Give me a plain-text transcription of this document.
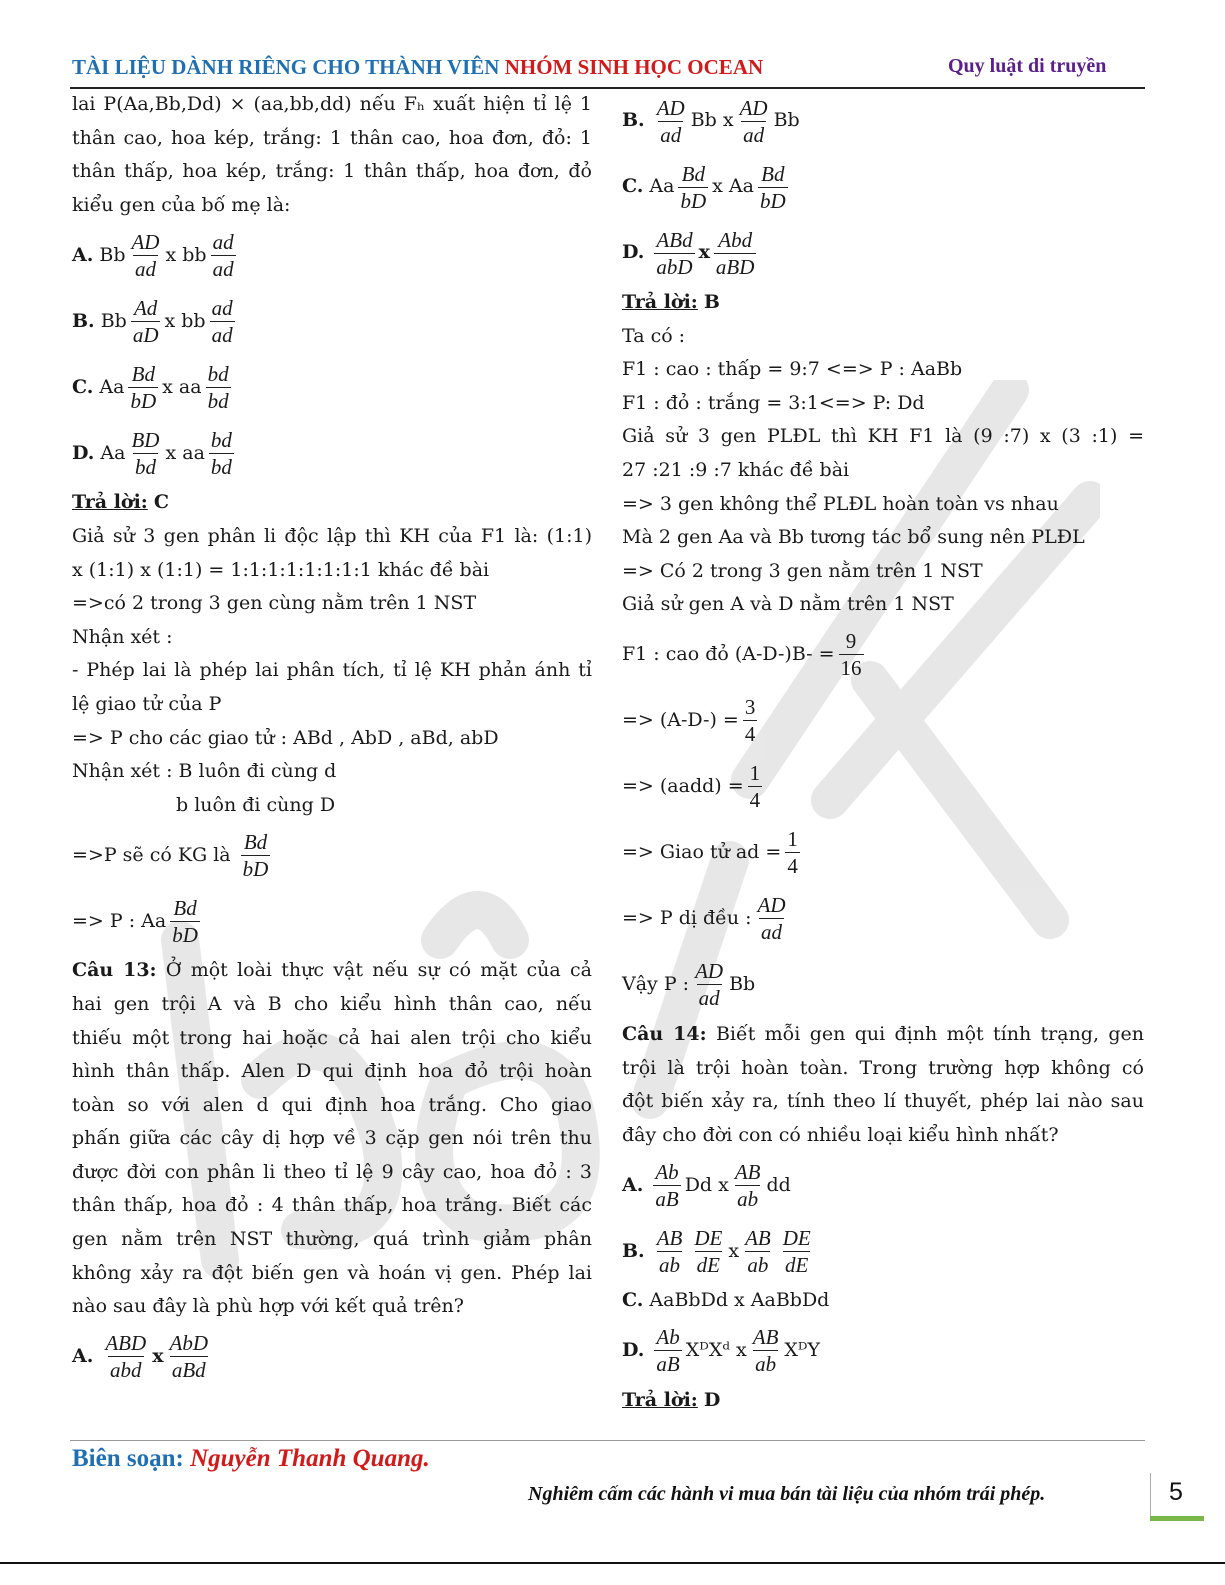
TÀI LIỆU DÀNH RIÊNG CHO THÀNH VIÊN NHÓM SINH HỌC OCEAN	Quy luật di truyền
lai P(Aa,Bb,Dd) × (aa,bb,dd) nếu Fₕ xuất hiện tỉ lệ 1
thân cao, hoa kép, trắng: 1 thân cao, hoa đơn, đỏ: 1
thân thấp, hoa kép, trắng: 1 thân thấp, hoa đơn, đỏ
kiểu gen của bố mẹ là:
A. Bb $\frac{AD}{ad}$ x bb $\frac{ad}{ad}$
B. Bb $\frac{Ad}{aD}$ x bb $\frac{ad}{ad}$
C. Aa $\frac{Bd}{bD}$ x aa $\frac{bd}{bd}$
D. Aa $\frac{BD}{bd}$ x aa $\frac{bd}{bd}$
Trả lời: C
Giả sử 3 gen phân li độc lập thì KH của F1 là: (1:1)
x (1:1) x (1:1) = 1:1:1:1:1:1:1:1 khác đề bài
=>có 2 trong 3 gen cùng nằm trên 1 NST
Nhận xét :
- Phép lai là phép lai phân tích, tỉ lệ KH phản ánh tỉ
lệ giao tử của P
=> P cho các giao tử : ABd , AbD , aBd, abD
Nhận xét : B luôn đi cùng d
b luôn đi cùng D
=>P sẽ có KG là $\frac{Bd}{bD}$
=> P : Aa $\frac{Bd}{bD}$
Câu 13: Ở một loài thực vật nếu sự có mặt của cả
hai gen trội A và B cho kiểu hình thân cao, nếu
thiếu một trong hai hoặc cả hai alen trội cho kiểu
hình thân thấp. Alen D qui định hoa đỏ trội hoàn
toàn so với alen d qui định hoa trắng. Cho giao
phấn giữa các cây dị hợp về 3 cặp gen nói trên thu
được đời con phân li theo tỉ lệ 9 cây cao, hoa đỏ : 3
thân thấp, hoa đỏ : 4 thân thấp, hoa trắng. Biết các
gen nằm trên NST thường, quá trình giảm phân
không xảy ra đột biến gen và hoán vị gen. Phép lai
nào sau đây là phù hợp với kết quả trên?
A. $\frac{\text{ABD}}{\text{abd}}$ x $\frac{\text{AbD}}{\text{aBd}}$
B. $\frac{AD}{ad}$ Bb x $\frac{AD}{ad}$ Bb
C. Aa $\frac{Bd}{bD}$ x Aa $\frac{Bd}{bD}$
D. $\frac{\text{ABd}}{\text{abD}}$ x $\frac{\text{Abd}}{\text{aBD}}$
Trả lời: B
Ta có :
F1 : cao : thấp = 9:7 <=> P : AaBb
F1 : đỏ : trắng = 3:1<=> P: Dd
Giả sử 3 gen PLĐL thì KH F1 là (9 :7) x (3 :1) =
27 :21 :9 :7 khác đề bài
=> 3 gen không thể PLĐL hoàn toàn vs nhau
Mà 2 gen Aa và Bb tương tác bổ sung nên PLĐL
=> Có 2 trong 3 gen nằm trên 1 NST
Giả sử gen A và D nằm trên 1 NST
F1 : cao đỏ $(A-D-)B- = \frac{9}{16}$
=> $(A-D-) = \frac{3}{4}$
=> (aadd) = $\frac{1}{4}$
=> Giao tử ad = $\frac{1}{4}$
=> P dị đều : $\frac{AD}{ad}$
Vậy P : $\frac{AD}{ad}$ Bb
Câu 14: Biết mỗi gen qui định một tính trạng, gen
trội là trội hoàn toàn. Trong trường hợp không có
đột biến xảy ra, tính theo lí thuyết, phép lai nào sau
đây cho đời con có nhiều loại kiểu hình nhất?
A. $\frac{Ab}{aB}$ Dd x $\frac{AB}{ab}$ dd
B. $\frac{AB}{ab} \frac{DE}{dE}$ x $\frac{AB}{ab} \frac{DE}{dE}$
C. AaBbDd x AaBbDd
D. $\frac{Ab}{aB}$ XᴰXᵈ x $\frac{AB}{ab}$ XᴰY
Trả lời: D
Biên soạn: Nguyễn Thanh Quang.
Nghiêm cấm các hành vi mua bán tài liệu của nhóm trái phép.	5
